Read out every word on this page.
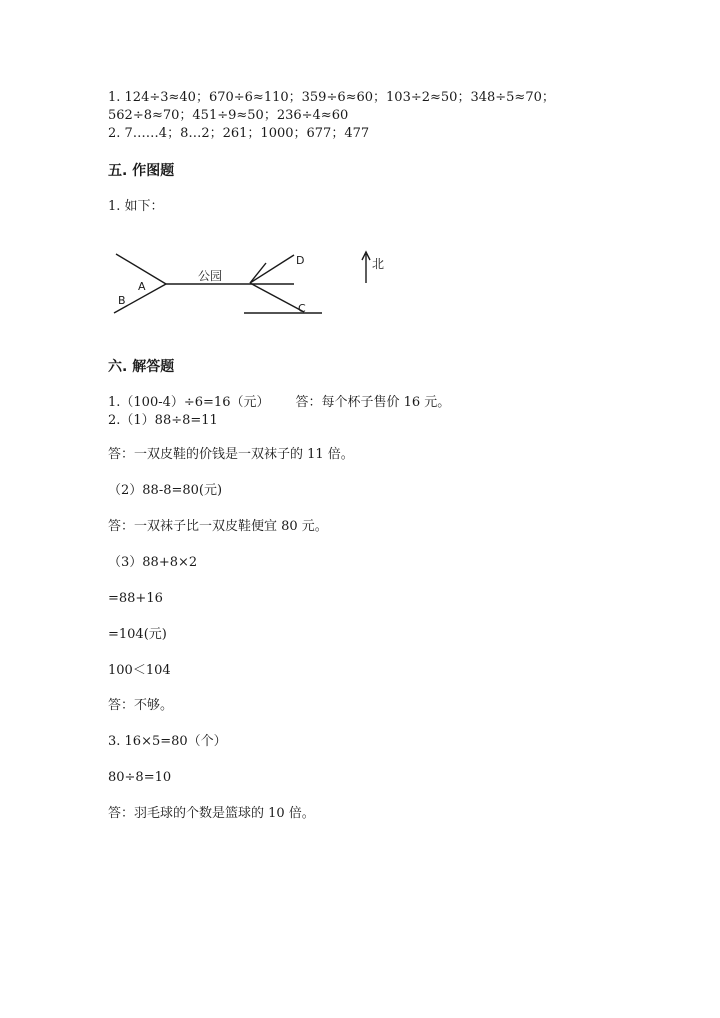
1. 124÷3≈40；670÷6≈110；359÷6≈60；103÷2≈50；348÷5≈70；
562÷8≈70；451÷9≈50；236÷4≈60
2. 7……4；8…2；261；1000；677；477
五. 作图题
1. 如下：
B
A
公园
D
C
北
六. 解答题
1.（100-4）÷6=16（元） 答：每个杯子售价 16 元。
2.（1）88÷8=11
答：一双皮鞋的价钱是一双袜子的 11 倍。
（2）88-8=80(元)
答：一双袜子比一双皮鞋便宜 80 元。
（3）88+8×2
=88+16
=104(元)
100＜104
答：不够。
3. 16×5=80（个）
80÷8=10
答：羽毛球的个数是篮球的 10 倍。
